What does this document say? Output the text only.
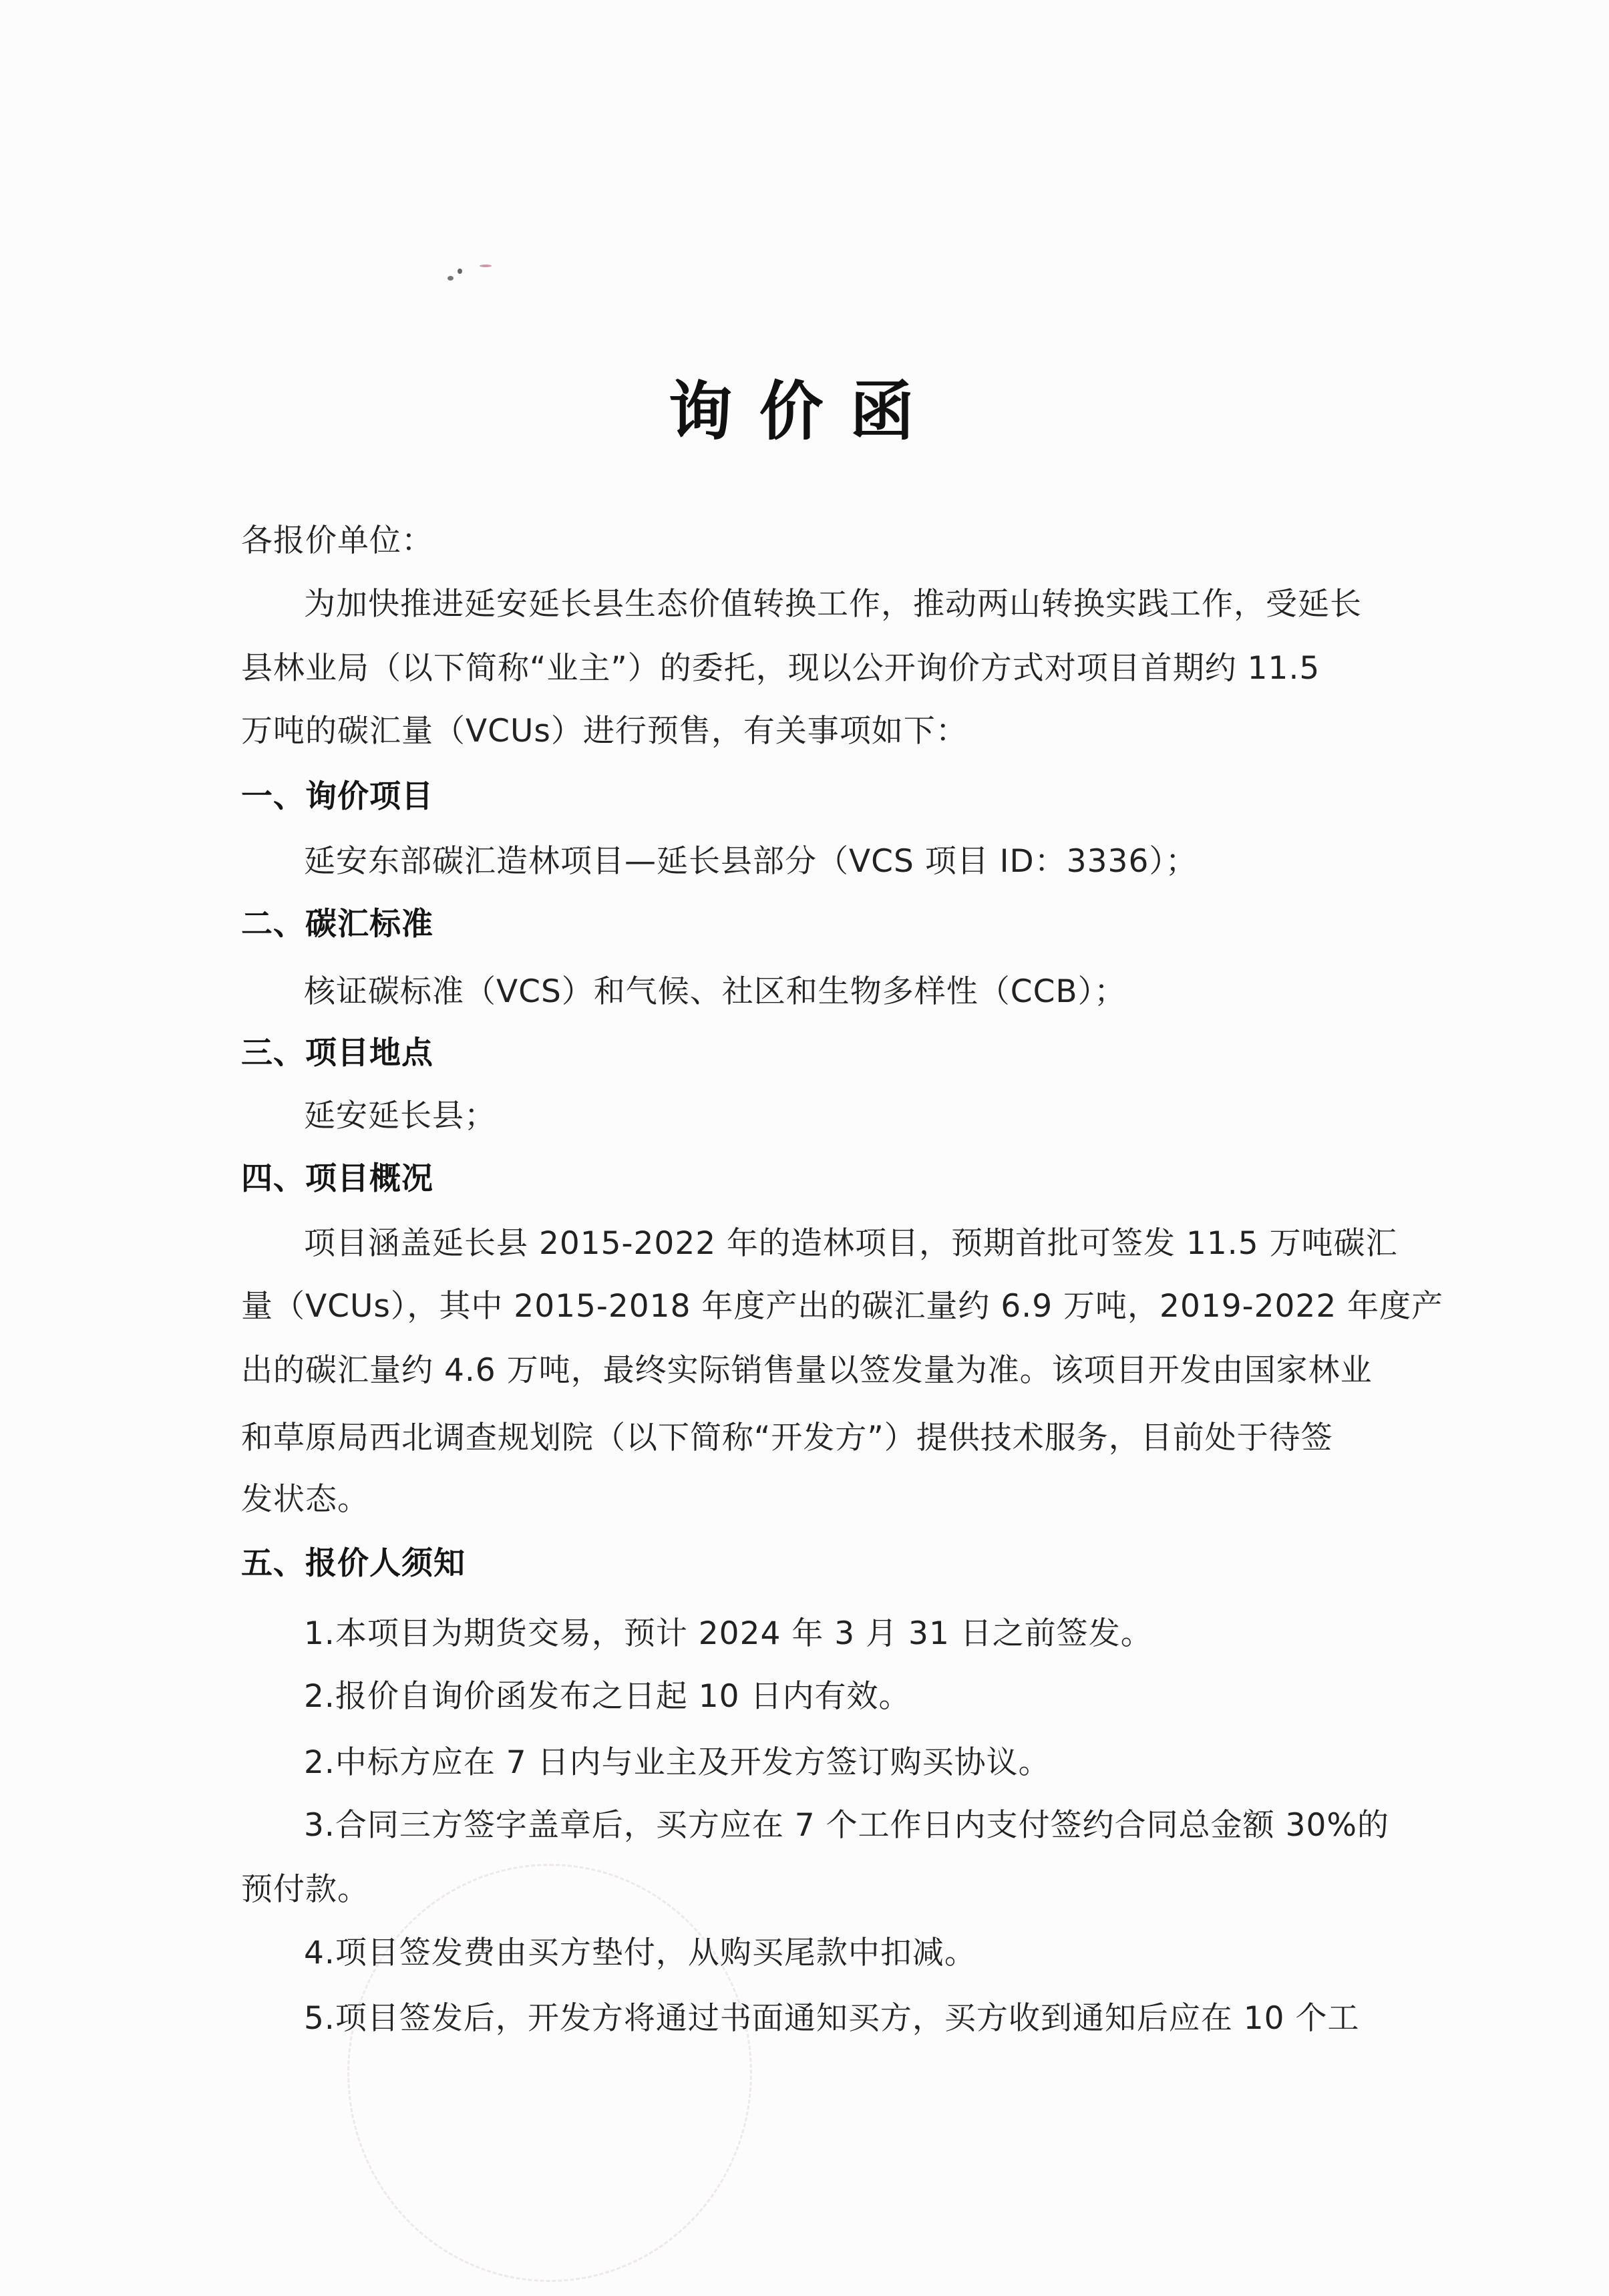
询价函
各报价单位：
为加快推进延安延长县生态价值转换工作，推动两山转换实践工作，受延长
县林业局（以下简称“业主”）的委托，现以公开询价方式对项目首期约 11.5
万吨的碳汇量（VCUs）进行预售，有关事项如下：
一、询价项目
延安东部碳汇造林项目—延长县部分（VCS 项目 ID：3336）；
二、碳汇标准
核证碳标准（VCS）和气候、社区和生物多样性（CCB）；
三、项目地点
延安延长县；
四、项目概况
项目涵盖延长县 2015-2022 年的造林项目，预期首批可签发 11.5 万吨碳汇
量（VCUs），其中 2015-2018 年度产出的碳汇量约 6.9 万吨，2019-2022 年度产
出的碳汇量约 4.6 万吨，最终实际销售量以签发量为准。该项目开发由国家林业
和草原局西北调查规划院（以下简称“开发方”）提供技术服务，目前处于待签
发状态。
五、报价人须知
1.本项目为期货交易，预计 2024 年 3 月 31 日之前签发。
2.报价自询价函发布之日起 10 日内有效。
2.中标方应在 7 日内与业主及开发方签订购买协议。
3.合同三方签字盖章后，买方应在 7 个工作日内支付签约合同总金额 30%的
预付款。
4.项目签发费由买方垫付，从购买尾款中扣减。
5.项目签发后，开发方将通过书面通知买方，买方收到通知后应在 10 个工
